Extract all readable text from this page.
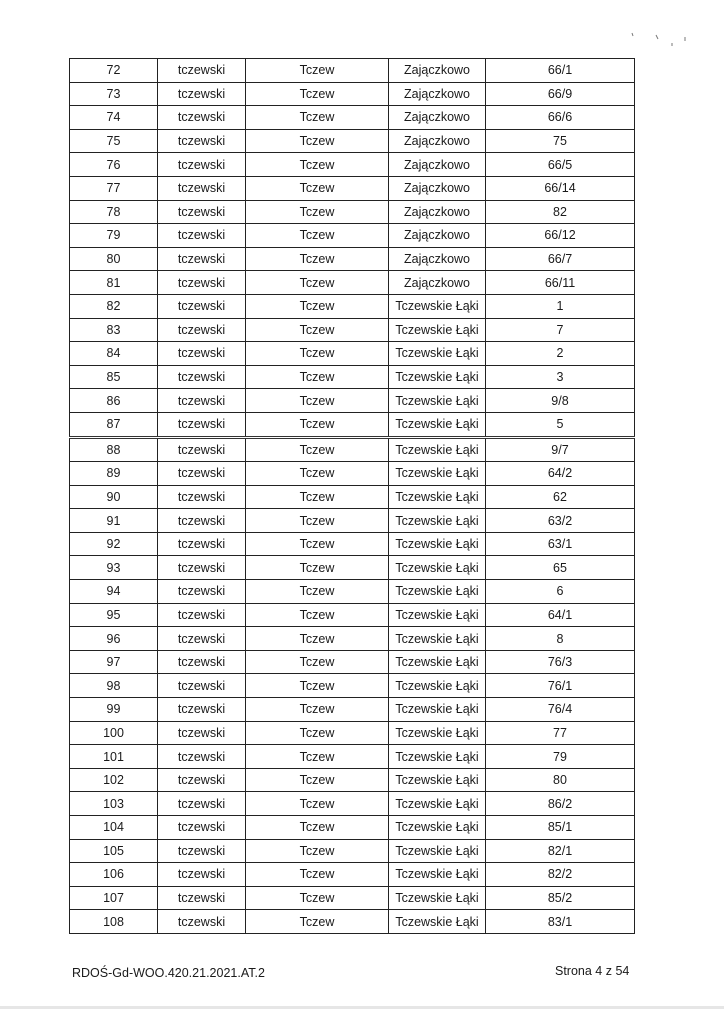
72	tczewski	Tczew	Zajączkowo	66/1
73	tczewski	Tczew	Zajączkowo	66/9
74	tczewski	Tczew	Zajączkowo	66/6
75	tczewski	Tczew	Zajączkowo	75
76	tczewski	Tczew	Zajączkowo	66/5
77	tczewski	Tczew	Zajączkowo	66/14
78	tczewski	Tczew	Zajączkowo	82
79	tczewski	Tczew	Zajączkowo	66/12
80	tczewski	Tczew	Zajączkowo	66/7
81	tczewski	Tczew	Zajączkowo	66/11
82	tczewski	Tczew	Tczewskie Łąki	1
83	tczewski	Tczew	Tczewskie Łąki	7
84	tczewski	Tczew	Tczewskie Łąki	2
85	tczewski	Tczew	Tczewskie Łąki	3
86	tczewski	Tczew	Tczewskie Łąki	9/8
87	tczewski	Tczew	Tczewskie Łąki	5
88	tczewski	Tczew	Tczewskie Łąki	9/7
89	tczewski	Tczew	Tczewskie Łąki	64/2
90	tczewski	Tczew	Tczewskie Łąki	62
91	tczewski	Tczew	Tczewskie Łąki	63/2
92	tczewski	Tczew	Tczewskie Łąki	63/1
93	tczewski	Tczew	Tczewskie Łąki	65
94	tczewski	Tczew	Tczewskie Łąki	6
95	tczewski	Tczew	Tczewskie Łąki	64/1
96	tczewski	Tczew	Tczewskie Łąki	8
97	tczewski	Tczew	Tczewskie Łąki	76/3
98	tczewski	Tczew	Tczewskie Łąki	76/1
99	tczewski	Tczew	Tczewskie Łąki	76/4
100	tczewski	Tczew	Tczewskie Łąki	77
101	tczewski	Tczew	Tczewskie Łąki	79
102	tczewski	Tczew	Tczewskie Łąki	80
103	tczewski	Tczew	Tczewskie Łąki	86/2
104	tczewski	Tczew	Tczewskie Łąki	85/1
105	tczewski	Tczew	Tczewskie Łąki	82/1
106	tczewski	Tczew	Tczewskie Łąki	82/2
107	tczewski	Tczew	Tczewskie Łąki	85/2
108	tczewski	Tczew	Tczewskie Łąki	83/1
RDOŚ-Gd-WOO.420.21.2021.AT.2	Strona 4 z 54
